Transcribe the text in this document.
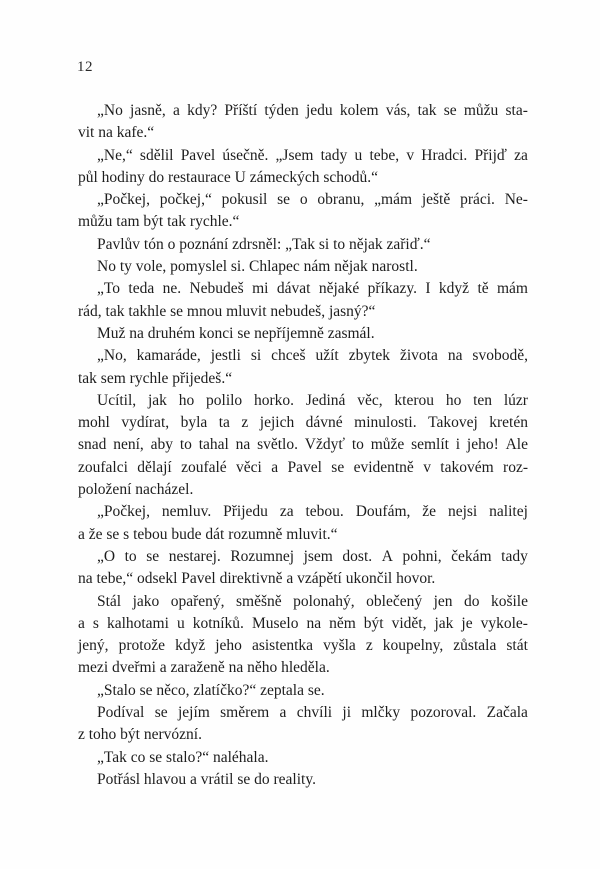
12
„No jasně, a kdy? Příští týden jedu kolem vás, tak se můžu sta-
vit na kafe.“
„Ne,“ sdělil Pavel úsečně. „Jsem tady u tebe, v Hradci. Přijď za
půl hodiny do restaurace U zámeckých schodů.“
„Počkej, počkej,“ pokusil se o obranu, „mám ještě práci. Ne-
můžu tam být tak rychle.“
Pavlův tón o poznání zdrsněl: „Tak si to nějak zařiď.“
No ty vole, pomyslel si. Chlapec nám nějak narostl.
„To teda ne. Nebudeš mi dávat nějaké příkazy. I když tě mám
rád, tak takhle se mnou mluvit nebudeš, jasný?“
Muž na druhém konci se nepříjemně zasmál.
„No, kamaráde, jestli si chceš užít zbytek života na svobodě,
tak sem rychle přijedeš.“
Ucítil, jak ho polilo horko. Jediná věc, kterou ho ten lúzr
mohl vydírat, byla ta z jejich dávné minulosti. Takovej kretén
snad není, aby to tahal na světlo. Vždyť to může semlít i jeho! Ale
zoufalci dělají zoufalé věci a Pavel se evidentně v takovém roz-
položení nacházel.
„Počkej, nemluv. Přijedu za tebou. Doufám, že nejsi nalitej
a že se s tebou bude dát rozumně mluvit.“
„O to se nestarej. Rozumnej jsem dost. A pohni, čekám tady
na tebe,“ odsekl Pavel direktivně a vzápětí ukončil hovor.
Stál jako opařený, směšně polonahý, oblečený jen do košile
a s kalhotami u kotníků. Muselo na něm být vidět, jak je vykole-
jený, protože když jeho asistentka vyšla z koupelny, zůstala stát
mezi dveřmi a zaraženě na něho hleděla.
„Stalo se něco, zlatíčko?“ zeptala se.
Podíval se jejím směrem a chvíli ji mlčky pozoroval. Začala
z toho být nervózní.
„Tak co se stalo?“ naléhala.
Potřásl hlavou a vrátil se do reality.
